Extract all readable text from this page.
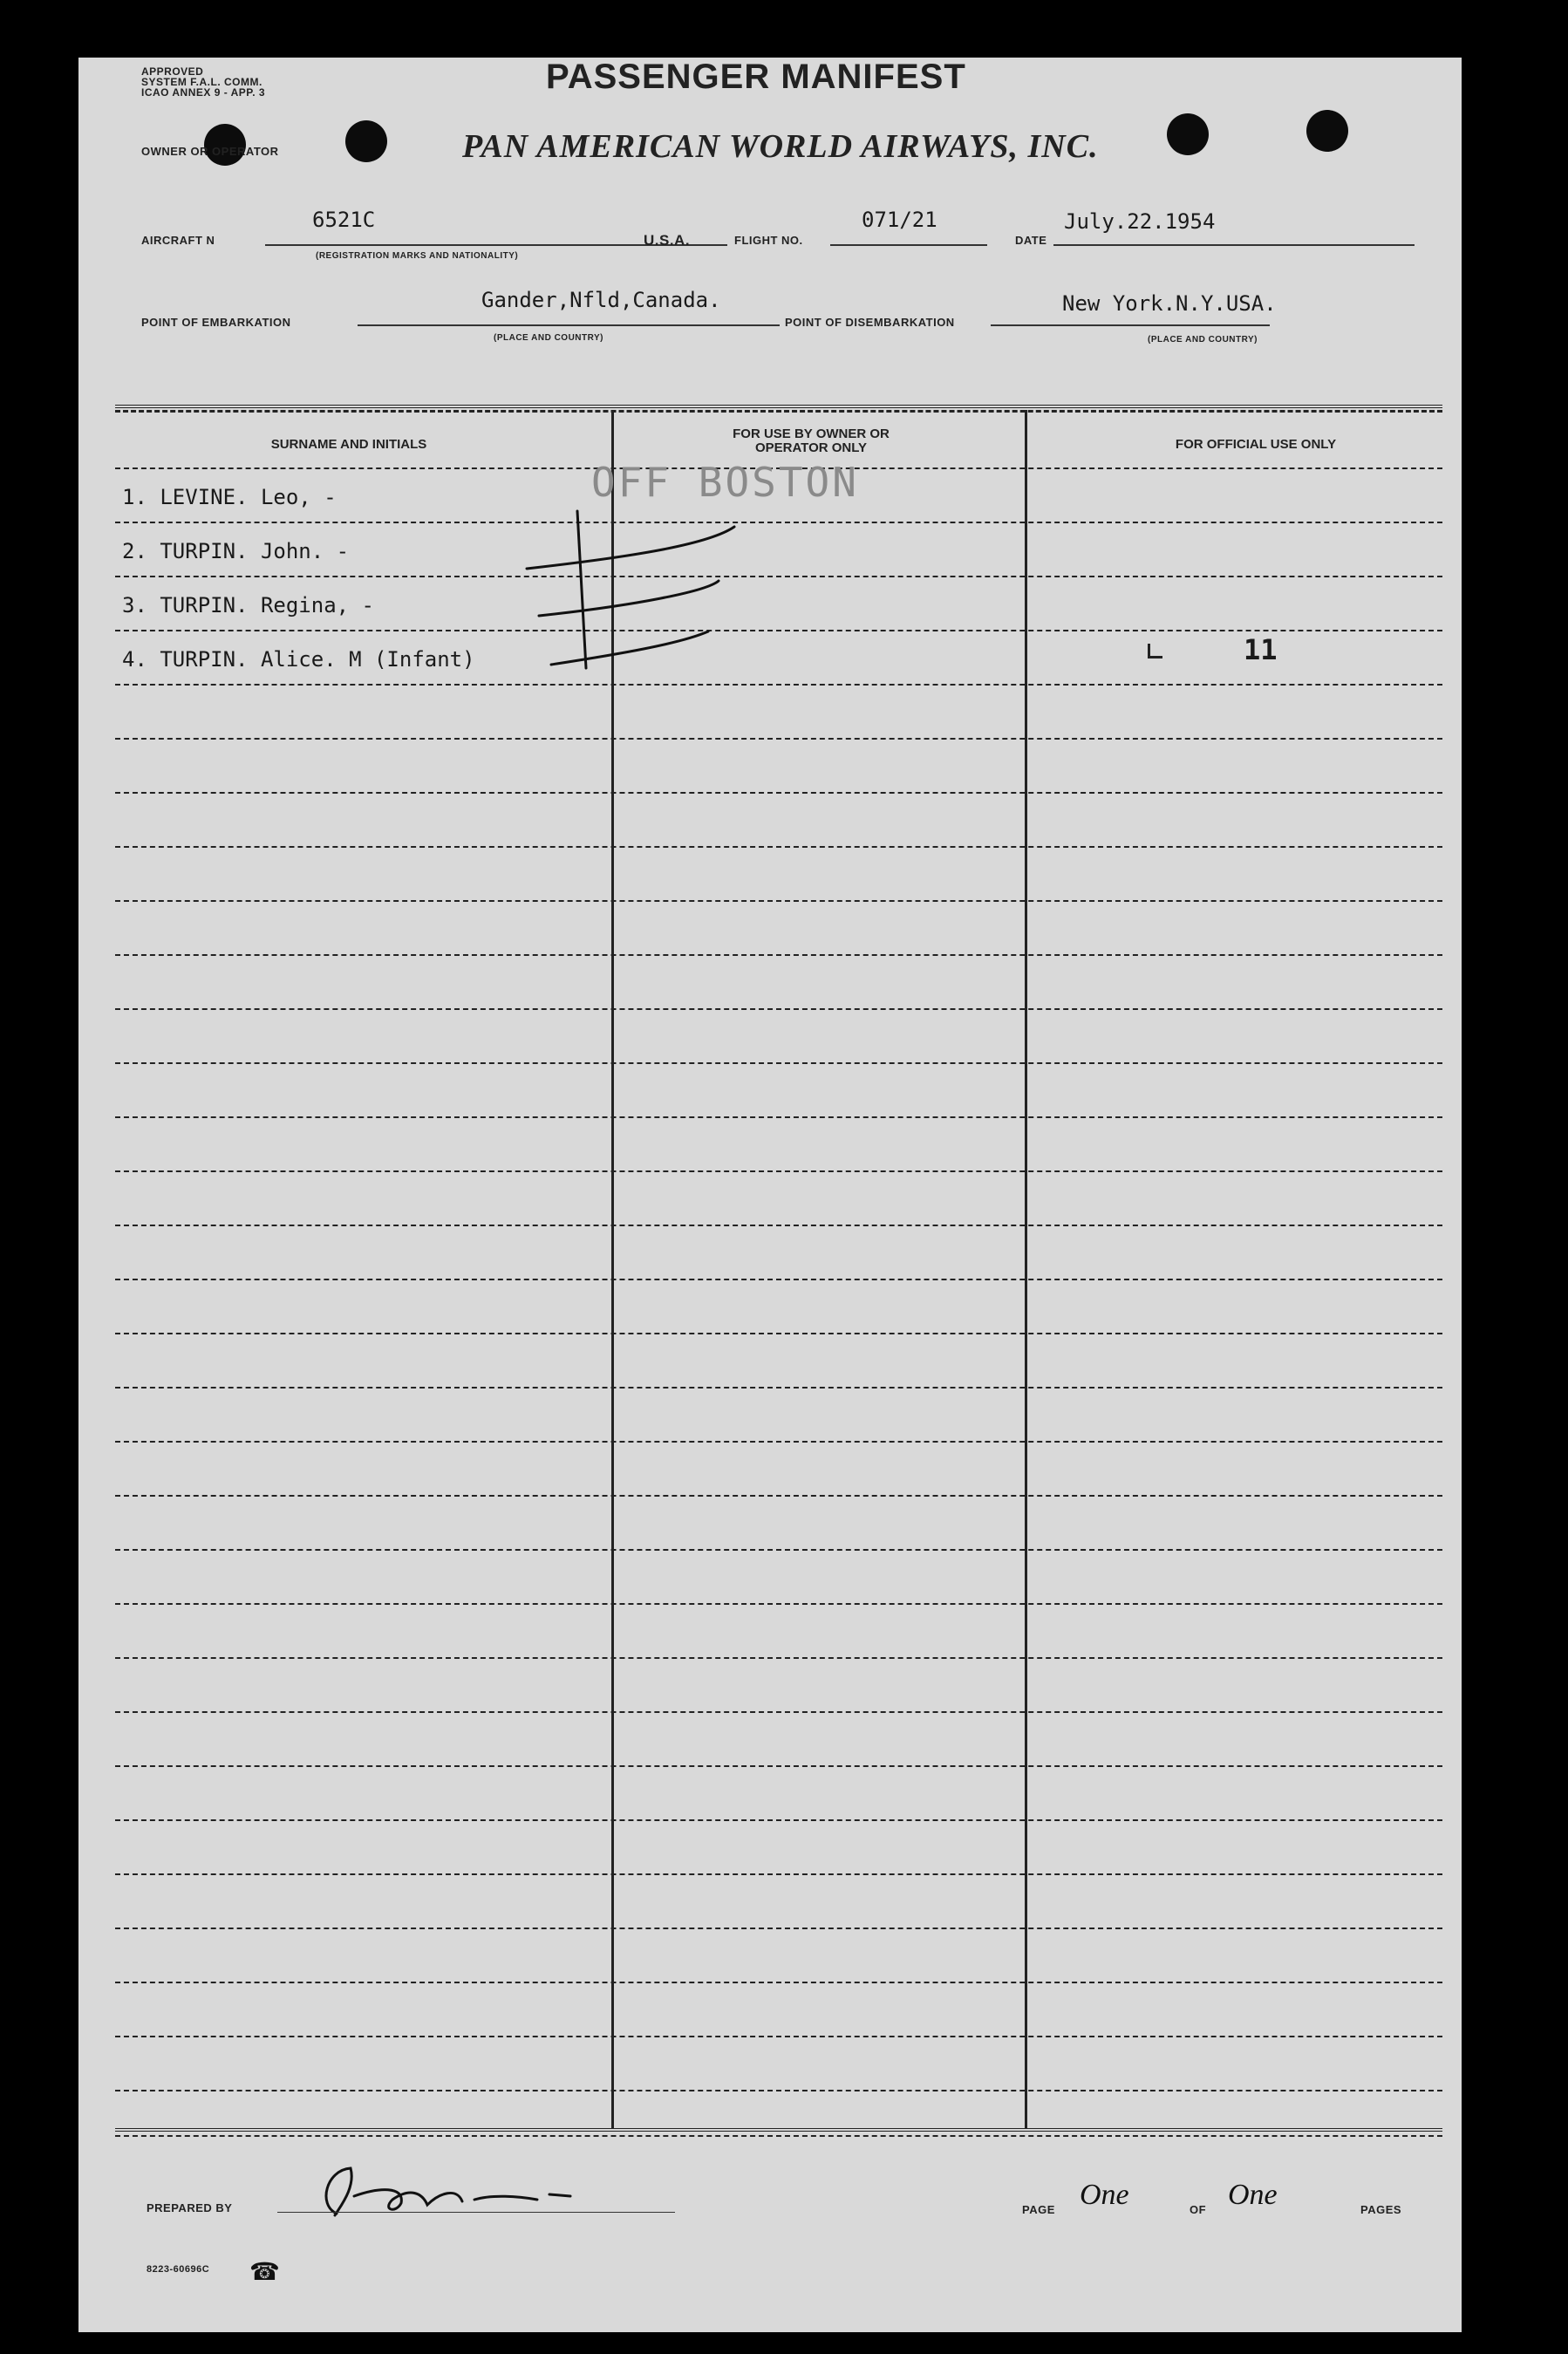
APPROVED
SYSTEM F.A.L. COMM.
ICAO ANNEX 9 - APP. 3	PASSENGER MANIFEST
OWNER OR OPERATOR	PAN AMERICAN WORLD AIRWAYS, INC.
AIRCRAFT N
6521C
(REGISTRATION MARKS AND NATIONALITY)
U.S.A.	FLIGHT NO.
071/21
DATE
July.22.1954
POINT OF EMBARKATION
Gander,Nfld,Canada.
(PLACE AND COUNTRY)
POINT OF DISEMBARKATION
New York.N.Y.USA.
(PLACE AND COUNTRY)
SURNAME AND INITIALS
FOR USE BY OWNER OR OPERATOR ONLY	FOR OFFICIAL USE ONLY
OFF BOSTON
1. LEVINE. Leo, -
2. TURPIN. John. -
3. TURPIN. Regina, -
4. TURPIN. Alice. M (Infant)	11
PREPARED BY	PAGE One	OF One	PAGES
8223-60696C ☎
